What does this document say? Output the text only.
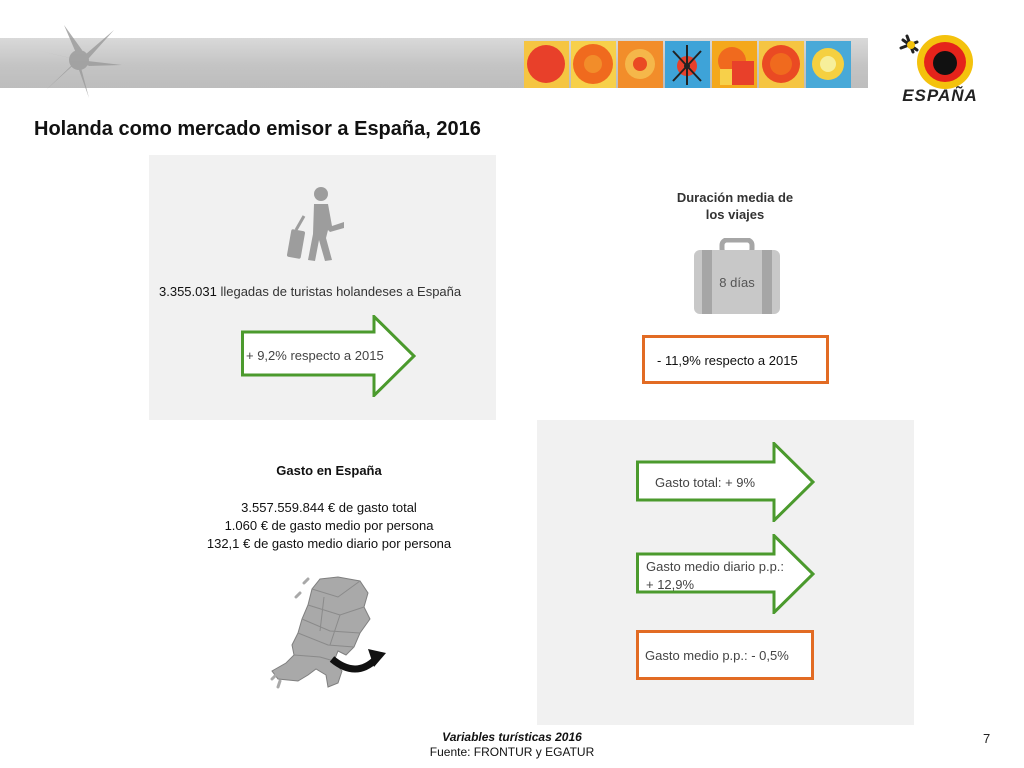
ESPAÑA
Holanda como mercado emisor a España, 2016
3.355.031 llegadas de turistas holandeses a España
+ 9,2% respecto a 2015
Duración media de
los viajes
8 días
- 11,9% respecto a 2015
Gasto en España
3.557.559.844 € de gasto total
1.060 € de gasto medio por persona
132,1 € de gasto medio diario por persona
Gasto total: + 9%
Gasto medio diario p.p.:
+ 12,9%
Gasto medio p.p.: - 0,5%
Variables turísticas 2016
Fuente: FRONTUR y EGATUR
7
